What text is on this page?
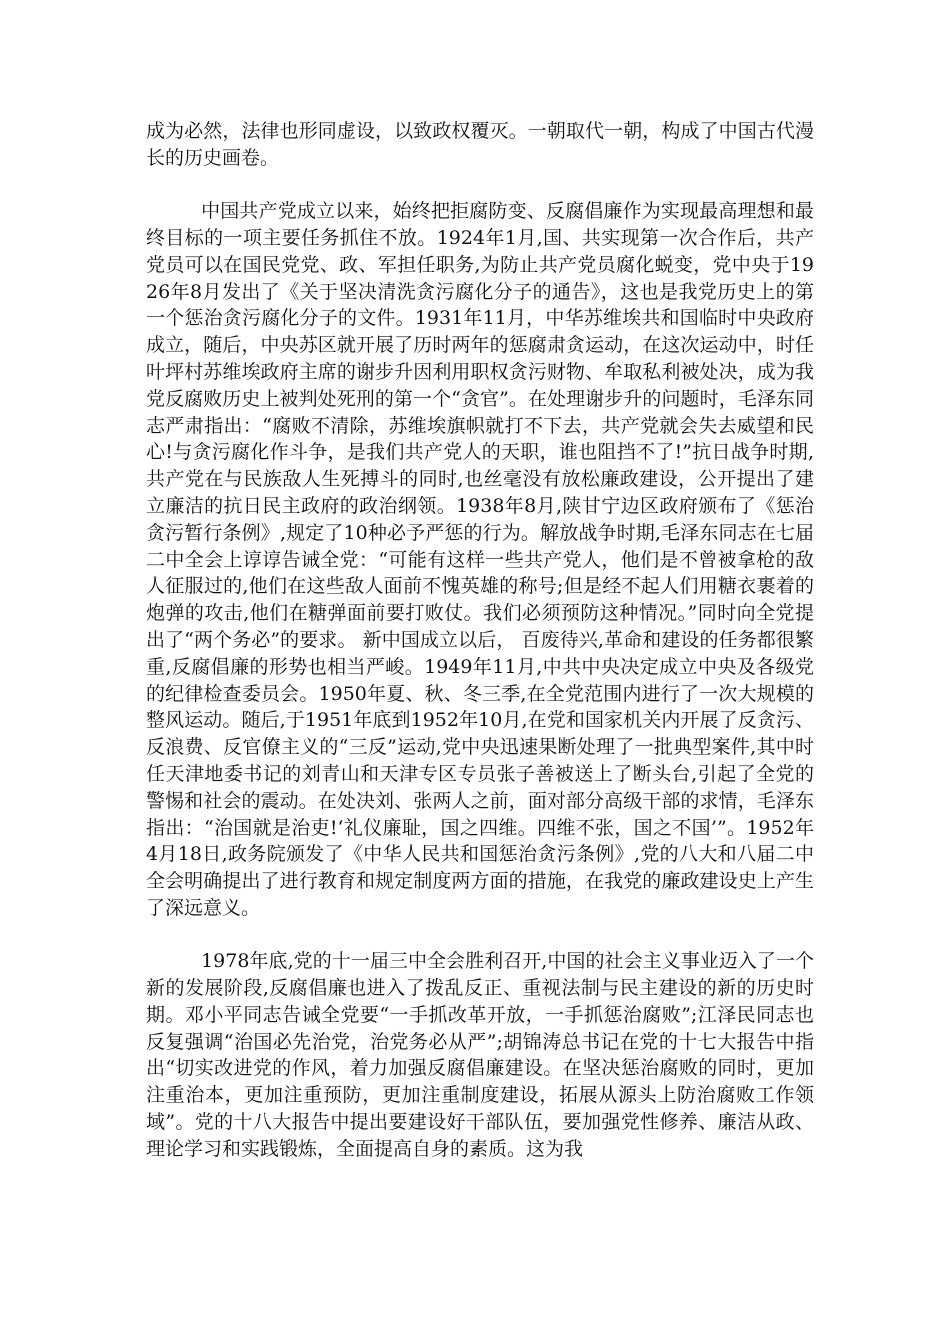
成为必然，法律也形同虚设，以致政权覆灭。一朝取代一朝，构成了中国古代漫长的历史画卷。

中国共产党成立以来，始终把拒腐防变、反腐倡廉作为实现最高理想和最终目标的一项主要任务抓住不放。1924年1月,国、共实现第一次合作后，共产党员可以在国民党党、政、军担任职务,为防止共产党员腐化蜕变，党中央于1926年8月发出了《关于坚决清洗贪污腐化分子的通告》，这也是我党历史上的第一个惩治贪污腐化分子的文件。1931年11月，中华苏维埃共和国临时中央政府成立，随后，中央苏区就开展了历时两年的惩腐肃贪运动，在这次运动中，时任叶坪村苏维埃政府主席的谢步升因利用职权贪污财物、牟取私利被处决，成为我党反腐败历史上被判处死刑的第一个“贪官”。在处理谢步升的问题时，毛泽东同志严肃指出：“腐败不清除，苏维埃旗帜就打不下去，共产党就会失去威望和民心!与贪污腐化作斗争，是我们共产党人的天职，谁也阻挡不了!”抗日战争时期,共产党在与民族敌人生死搏斗的同时,也丝毫没有放松廉政建设，公开提出了建立廉洁的抗日民主政府的政治纲领。1938年8月,陕甘宁边区政府颁布了《惩治贪污暂行条例》,规定了10种必予严惩的行为。解放战争时期,毛泽东同志在七届二中全会上谆谆告诫全党：“可能有这样一些共产党人，他们是不曾被拿枪的敌人征服过的,他们在这些敌人面前不愧英雄的称号;但是经不起人们用糖衣裹着的炮弹的攻击,他们在糖弹面前要打败仗。我们必须预防这种情况。”同时向全党提出了“两个务必”的要求。 新中国成立以后， 百废待兴,革命和建设的任务都很繁重,反腐倡廉的形势也相当严峻。1949年11月,中共中央决定成立中央及各级党的纪律检查委员会。1950年夏、秋、冬三季,在全党范围内进行了一次大规模的整风运动。随后,于1951年底到1952年10月,在党和国家机关内开展了反贪污、反浪费、反官僚主义的“三反”运动,党中央迅速果断处理了一批典型案件,其中时任天津地委书记的刘青山和天津专区专员张子善被送上了断头台,引起了全党的警惕和社会的震动。在处决刘、张两人之前，面对部分高级干部的求情，毛泽东指出：“治国就是治吏!‘礼仪廉耻，国之四维。四维不张，国之不国’”。1952年4月18日,政务院颁发了《中华人民共和国惩治贪污条例》,党的八大和八届二中全会明确提出了进行教育和规定制度两方面的措施，在我党的廉政建设史上产生了深远意义。

1978年底,党的十一届三中全会胜利召开,中国的社会主义事业迈入了一个新的发展阶段,反腐倡廉也进入了拨乱反正、重视法制与民主建设的新的历史时期。邓小平同志告诫全党要“一手抓改革开放，一手抓惩治腐败”;江泽民同志也反复强调“治国必先治党，治党务必从严”;胡锦涛总书记在党的十七大报告中指出“切实改进党的作风，着力加强反腐倡廉建设。在坚决惩治腐败的同时，更加注重治本，更加注重预防，更加注重制度建设，拓展从源头上防治腐败工作领域”。党的十八大报告中提出要建设好干部队伍，要加强党性修养、廉洁从政、理论学习和实践锻炼，全面提高自身的素质。这为我
